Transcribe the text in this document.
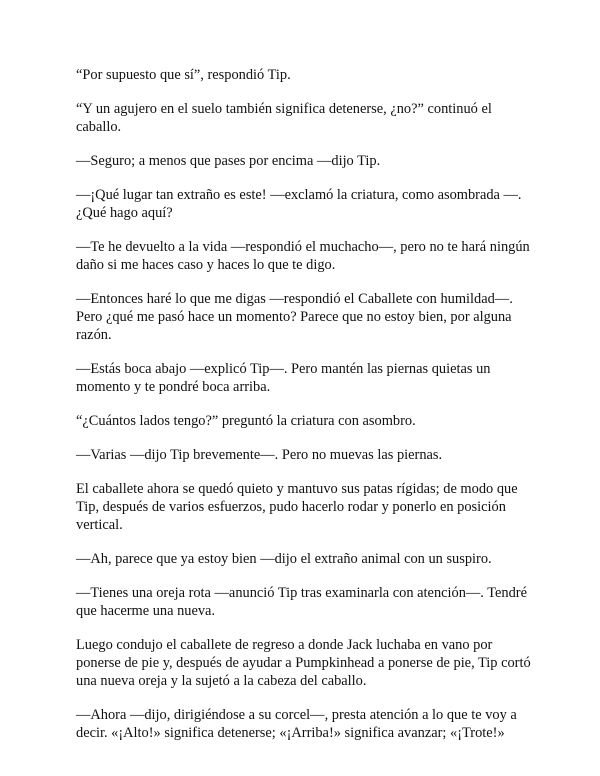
“Por supuesto que sí”, respondió Tip.

“Y un agujero en el suelo también significa detenerse, ¿no?” continuó el caballo.

—Seguro; a menos que pases por encima —dijo Tip.

—¡Qué lugar tan extraño es este! —exclamó la criatura, como asombrada —. ¿Qué hago aquí?

—Te he devuelto a la vida —respondió el muchacho—, pero no te hará ningún daño si me haces caso y haces lo que te digo.

—Entonces haré lo que me digas —respondió el Caballete con humildad—. Pero ¿qué me pasó hace un momento? Parece que no estoy bien, por alguna razón.

—Estás boca abajo —explicó Tip—. Pero mantén las piernas quietas un momento y te pondré boca arriba.

“¿Cuántos lados tengo?” preguntó la criatura con asombro.

—Varias —dijo Tip brevemente—. Pero no muevas las piernas.

El caballete ahora se quedó quieto y mantuvo sus patas rígidas; de modo que Tip, después de varios esfuerzos, pudo hacerlo rodar y ponerlo en posición vertical.

—Ah, parece que ya estoy bien —dijo el extraño animal con un suspiro.

—Tienes una oreja rota —anunció Tip tras examinarla con atención—. Tendré que hacerme una nueva.

Luego condujo el caballete de regreso a donde Jack luchaba en vano por ponerse de pie y, después de ayudar a Pumpkinhead a ponerse de pie, Tip cortó una nueva oreja y la sujetó a la cabeza del caballo.

—Ahora —dijo, dirigiéndose a su corcel—, presta atención a lo que te voy a decir. «¡Alto!» significa detenerse; «¡Arriba!» significa avanzar; «¡Trote!»
